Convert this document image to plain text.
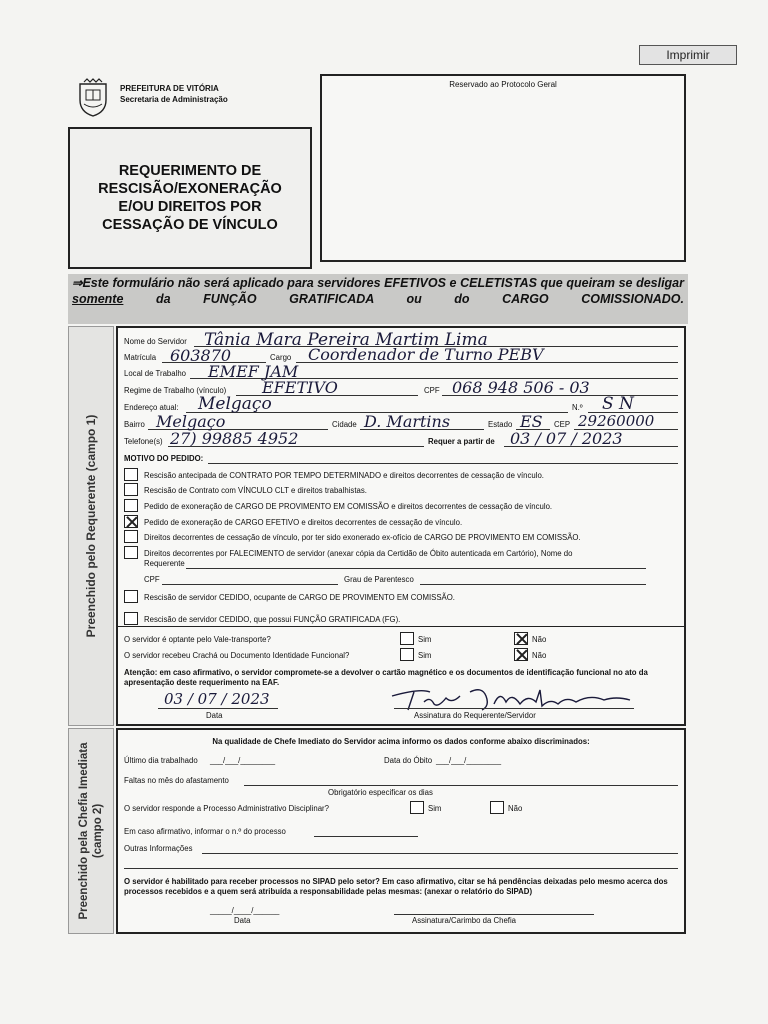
Imprimir
PREFEITURA DE VITÓRIA
Secretaria de Administração
Reservado ao Protocolo Geral
REQUERIMENTO DE
RESCISÃO/EXONERAÇÃO
E/OU DIREITOS POR
CESSAÇÃO DE VÍNCULO
⇒Este formulário não será aplicado para servidores EFETIVOS e CELETISTAS que queiram se desligar somente da FUNÇÃO GRATIFICADA ou do CARGO COMISSIONADO.
Preenchido pelo Requerente (campo 1)
Nome do Servidor Tânia Mara Pereira Martim Lima
Matrícula 603870	Cargo Coordenador de Turno PEBV
Local de Trabalho EMEF JAM
Regime de Trabalho (vínculo) EFETIVO	CPF 068 948 506 - 03
Endereço atual: Melgaço	N.º S N
Bairro Melgaço	Cidade D. Martins	Estado ES CEP 29260000
Telefone(s) 27) 99885 4952	Requer a partir de 03 / 07 / 2023
MOTIVO DO PEDIDO:
Rescisão antecipada de CONTRATO POR TEMPO DETERMINADO e direitos decorrentes de cessação de vínculo.
Rescisão de Contrato com VÍNCULO CLT e direitos trabalhistas.
Pedido de exoneração de CARGO DE PROVIMENTO EM COMISSÃO e direitos decorrentes de cessação de vínculo.
Pedido de exoneração de CARGO EFETIVO e direitos decorrentes de cessação de vínculo.
Direitos decorrentes de cessação de vínculo, por ter sido exonerado ex-ofício de CARGO DE PROVIMENTO EM COMISSÃO.
Direitos decorrentes por FALECIMENTO de servidor (anexar cópia da Certidão de Óbito autenticada em Cartório), Nome do
Rescisão de servidor CEDIDO, ocupante de CARGO DE PROVIMENTO EM COMISSÃO.
Rescisão de servidor CEDIDO, que possui FUNÇÃO GRATIFICADA (FG).
Requerente
CPF	Grau de Parentesco
O servidor é optante pelo Vale-transporte?	Sim	Não
O servidor recebeu Crachá ou Documento Identidade Funcional?	Sim	Não
Atenção: em caso afirmativo, o servidor compromete-se a devolver o cartão magnético e os documentos de identificação funcional no ato da apresentação deste requerimento na EAF.
03 / 07 / 2023
Data	Assinatura do Requerente/Servidor
Preenchido pela Chefia Imediata (campo 2)
Na qualidade de Chefe Imediato do Servidor acima informo os dados conforme abaixo discriminados:
Último dia trabalhado ___/___/________	Data do Óbito ___/___/________
Faltas no mês do afastamento
Obrigatório especificar os dias
O servidor responde a Processo Administrativo Disciplinar?	Sim	Não
Em caso afirmativo, informar o n.º do processo
Outras Informações
O servidor é habilitado para receber processos no SIPAD pelo setor? Em caso afirmativo, citar se há pendências deixadas pelo mesmo acerca dos processos recebidos e a quem será atribuída a responsabilidade pelas mesmas: (anexar o relatório do SIPAD)
_____/____/______
Data	Assinatura/Carimbo da Chefia
